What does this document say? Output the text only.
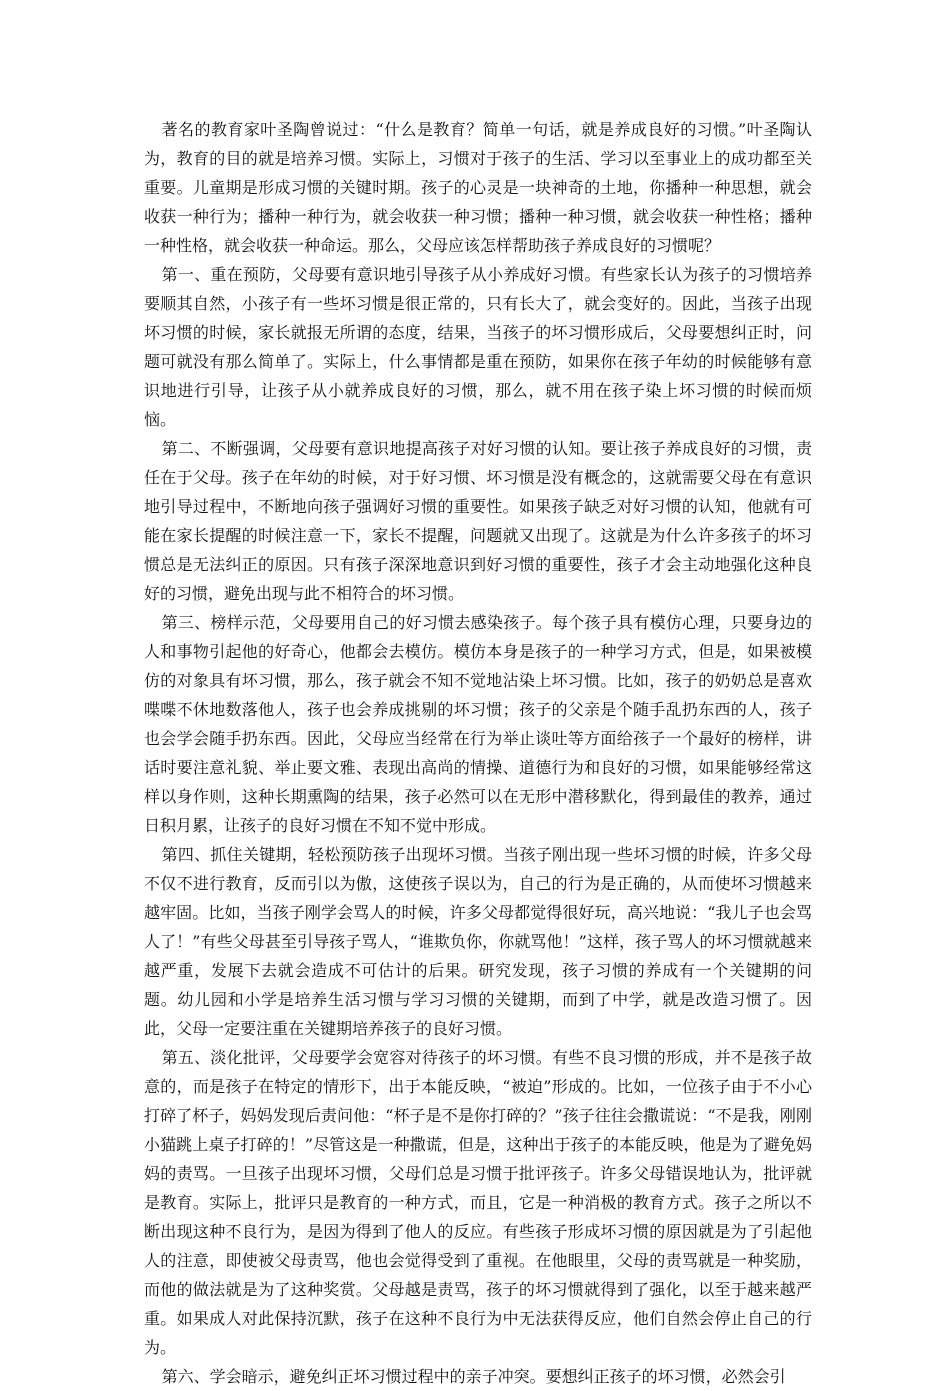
著名的教育家叶圣陶曾说过：“什么是教育？简单一句话，就是养成良好的习惯。”叶圣陶认为，教育的目的就是培养习惯。实际上，习惯对于孩子的生活、学习以至事业上的成功都至关重要。儿童期是形成习惯的关键时期。孩子的心灵是一块神奇的土地，你播种一种思想，就会收获一种行为；播种一种行为，就会收获一种习惯；播种一种习惯，就会收获一种性格；播种一种性格，就会收获一种命运。那么，父母应该怎样帮助孩子养成良好的习惯呢？

第一、重在预防，父母要有意识地引导孩子从小养成好习惯。有些家长认为孩子的习惯培养要顺其自然，小孩子有一些坏习惯是很正常的，只有长大了，就会变好的。因此，当孩子出现坏习惯的时候，家长就报无所谓的态度，结果，当孩子的坏习惯形成后，父母要想纠正时，问题可就没有那么简单了。实际上，什么事情都是重在预防，如果你在孩子年幼的时候能够有意识地进行引导，让孩子从小就养成良好的习惯，那么，就不用在孩子染上坏习惯的时候而烦恼。

第二、不断强调，父母要有意识地提高孩子对好习惯的认知。要让孩子养成良好的习惯，责任在于父母。孩子在年幼的时候，对于好习惯、坏习惯是没有概念的，这就需要父母在有意识地引导过程中，不断地向孩子强调好习惯的重要性。如果孩子缺乏对好习惯的认知，他就有可能在家长提醒的时候注意一下，家长不提醒，问题就又出现了。这就是为什么许多孩子的坏习惯总是无法纠正的原因。只有孩子深深地意识到好习惯的重要性，孩子才会主动地强化这种良好的习惯，避免出现与此不相符合的坏习惯。

第三、榜样示范，父母要用自己的好习惯去感染孩子。每个孩子具有模仿心理，只要身边的人和事物引起他的好奇心，他都会去模仿。模仿本身是孩子的一种学习方式，但是，如果被模仿的对象具有坏习惯，那么，孩子就会不知不觉地沾染上坏习惯。比如，孩子的奶奶总是喜欢喋喋不休地数落他人，孩子也会养成挑剔的坏习惯；孩子的父亲是个随手乱扔东西的人，孩子也会学会随手扔东西。因此，父母应当经常在行为举止谈吐等方面给孩子一个最好的榜样，讲话时要注意礼貌、举止要文雅、表现出高尚的情操、道德行为和良好的习惯，如果能够经常这样以身作则，这种长期熏陶的结果，孩子必然可以在无形中潜移默化，得到最佳的教养，通过日积月累，让孩子的良好习惯在不知不觉中形成。

第四、抓住关键期，轻松预防孩子出现坏习惯。当孩子刚出现一些坏习惯的时候，许多父母不仅不进行教育，反而引以为傲，这使孩子误以为，自己的行为是正确的，从而使坏习惯越来越牢固。比如，当孩子刚学会骂人的时候，许多父母都觉得很好玩，高兴地说：“我儿子也会骂人了！”有些父母甚至引导孩子骂人，“谁欺负你，你就骂他！”这样，孩子骂人的坏习惯就越来越严重，发展下去就会造成不可估计的后果。研究发现，孩子习惯的养成有一个关键期的问题。幼儿园和小学是培养生活习惯与学习习惯的关键期，而到了中学，就是改造习惯了。因此，父母一定要注重在关键期培养孩子的良好习惯。

第五、淡化批评，父母要学会宽容对待孩子的坏习惯。有些不良习惯的形成，并不是孩子故意的，而是孩子在特定的情形下，出于本能反映，“被迫”形成的。比如，一位孩子由于不小心打碎了杯子，妈妈发现后责问他：“杯子是不是你打碎的？”孩子往往会撒谎说：“不是我，刚刚小猫跳上桌子打碎的！”尽管这是一种撒谎，但是，这种出于孩子的本能反映，他是为了避免妈妈的责骂。一旦孩子出现坏习惯，父母们总是习惯于批评孩子。许多父母错误地认为，批评就是教育。实际上，批评只是教育的一种方式，而且，它是一种消极的教育方式。孩子之所以不断出现这种不良行为，是因为得到了他人的反应。有些孩子形成坏习惯的原因就是为了引起他人的注意，即使被父母责骂，他也会觉得受到了重视。在他眼里，父母的责骂就是一种奖励，而他的做法就是为了这种奖赏。父母越是责骂，孩子的坏习惯就得到了强化，以至于越来越严重。如果成人对此保持沉默，孩子在这种不良行为中无法获得反应，他们自然会停止自己的行为。

第六、学会暗示，避免纠正坏习惯过程中的亲子冲突。要想纠正孩子的坏习惯，必然会引
